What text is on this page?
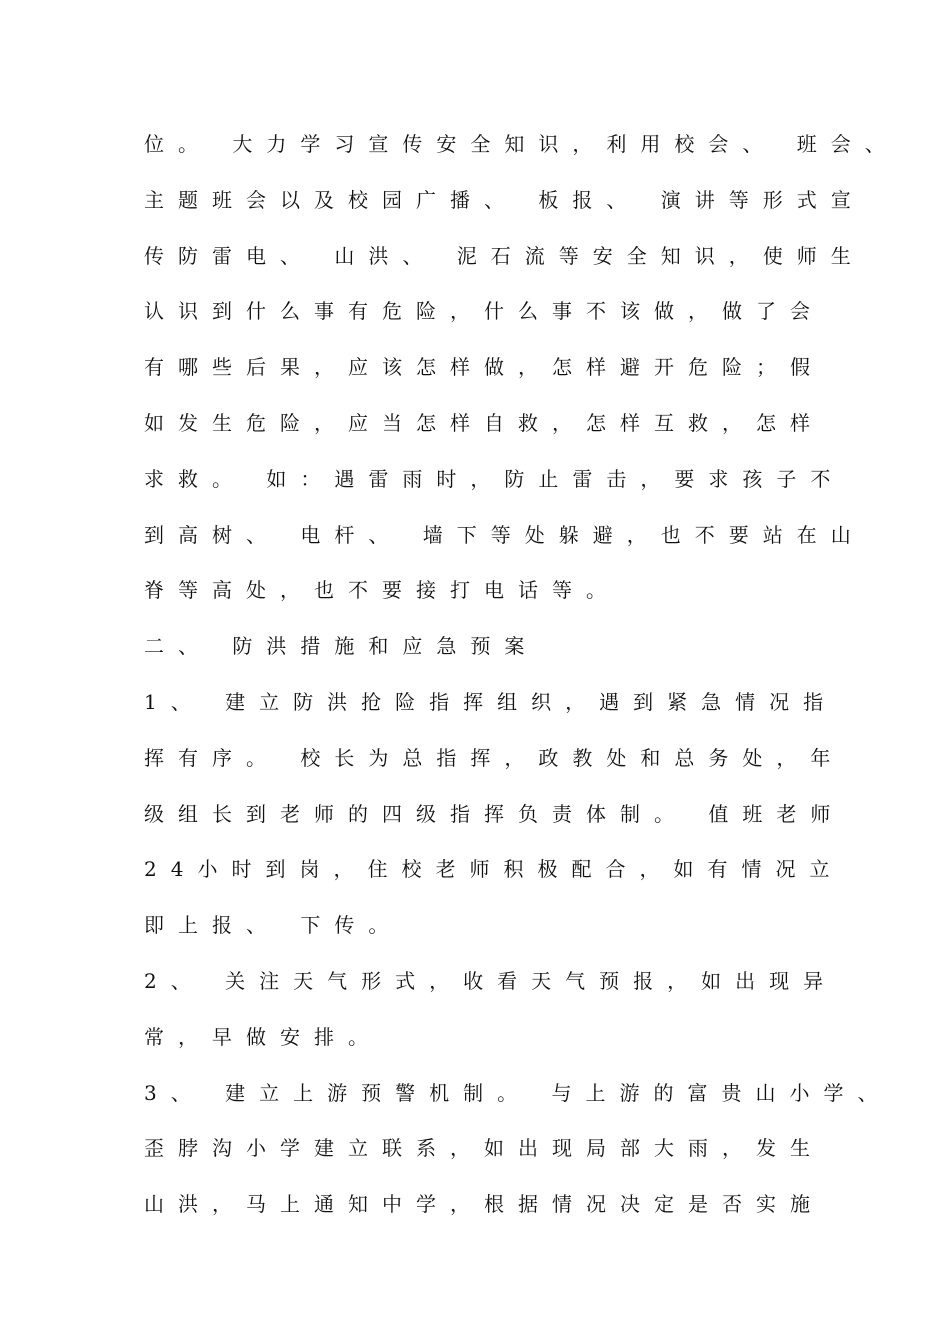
位。 大力学习宣传安全知识，利用校会、 班会、
主题班会以及校园广播、 板报、 演讲等形式宣
传防雷电、 山洪、 泥石流等安全知识，使师生
认识到什么事有危险，什么事不该做，做了会
有哪些后果，应该怎样做，怎样避开危险；假
如发生危险，应当怎样自救，怎样互救，怎样
求救。 如：遇雷雨时，防止雷击，要求孩子不
到高树、 电杆、 墙下等处躲避，也不要站在山
脊等高处，也不要接打电话等。
二、 防洪措施和应急预案
1、 建立防洪抢险指挥组织，遇到紧急情况指
挥有序。 校长为总指挥，政教处和总务处，年
级组长到老师的四级指挥负责体制。 值班老师
24小时到岗，住校老师积极配合，如有情况立
即上报、 下传。
2、 关注天气形式，收看天气预报，如出现异
常，早做安排。
3、 建立上游预警机制。 与上游的富贵山小学、
歪脖沟小学建立联系，如出现局部大雨，发生
山洪，马上通知中学，根据情况决定是否实施
